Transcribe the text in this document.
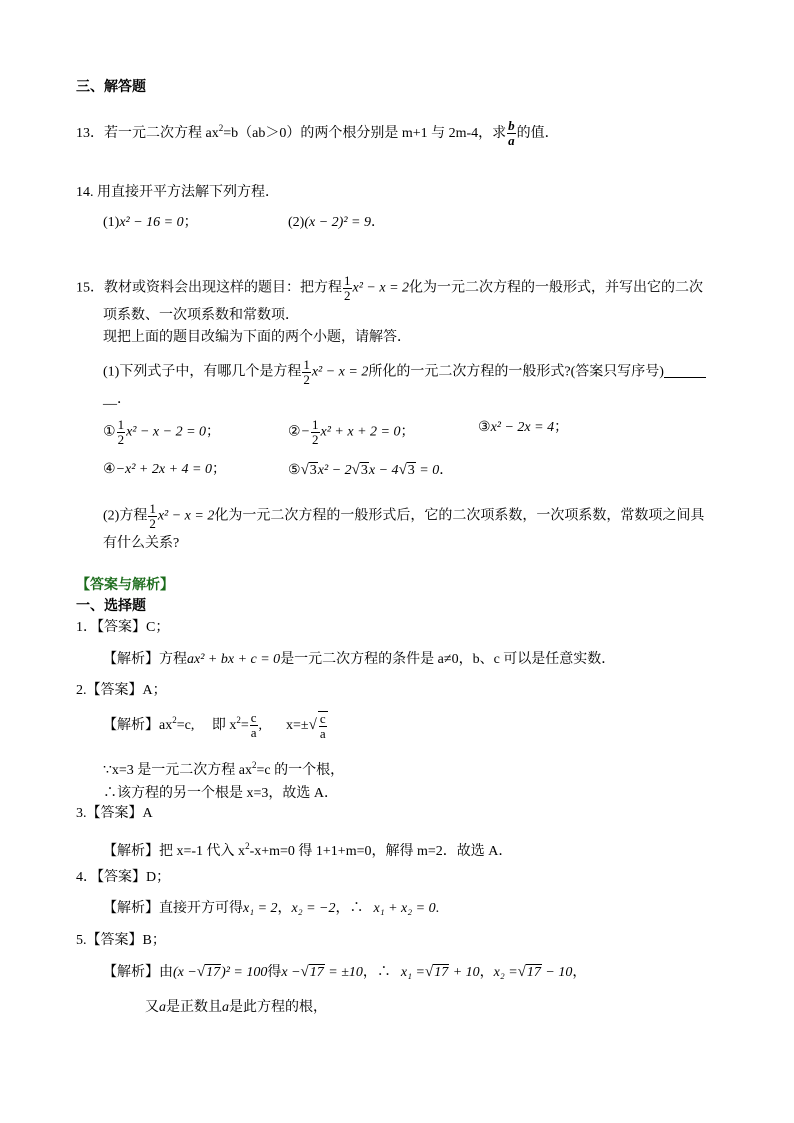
三、解答题
13．若一元二次方程 $ax^2=b(ab>0)$的两个根分别是 m+1 与 2m-4，求 $\frac{b}{a}$ 的值．
14. 用直接开平方法解下列方程．
(1)x² − 16 = 0；	(2)(x − 2)² = 9．
15．教材或资料会出现这样的题目：把方程 $\frac{1}{2} x^2 - x = 2$化为一元二次方程的一般形式，并写出它的二次
项系数、一次项系数和常数项．
现把上面的题目改编为下面的两个小题，请解答．
(1)下列式子中，有哪几个是方程 $\frac{1}{2} x^2 - x = 2$所化的一元二次方程的一般形式?(答案只写序号)
__．
① $\frac{1}{2} x^2 - x - 2 = 0$；	②− $\frac{1}{2} x^2 + x + 2 = 0$；	③x² − 2x = 4；
④−x² + 2x + 4 = 0；	⑤√3x² − 2√3x − 4√3 = 0．
(2)方程 $\frac{1}{2} x^2 - x = 2$化为一元二次方程的一般形式后，它的二次项系数，一次项系数，常数项之间具
有什么关系?
【答案与解析】
一、选择题
1．【答案】C；
【解析】方程ax² + bx + c = 0是一元二次方程的条件是 a≠0，b、c 可以是任意实数．
2.【答案】A；
【解析】$ax^2=c$,　 即 $x^2= \frac{c}{a}$ , $x=\pm√ \frac{c}{a}$
∵x=3 是一元二次方程 $ax^2=c$ 的一个根，
∴该方程的另一个根是 x=3，故选 A．
3.【答案】A
【解析】把 x=-1 代入 $x^2-x+m=0$ 得 1+1+m=0，解得 m=2．故选 A．
4．【答案】D；
【解析】直接开方可得x₁ = 2，x₂ = −2，∴ x₁ + x₂ = 0.
5.【答案】B；
【解析】由(x −√17)² = 100得x −√17 = ±10，∴ x₁ =√17 + 10，x₂ =√17 − 10，
又a是正数且a是此方程的根，
